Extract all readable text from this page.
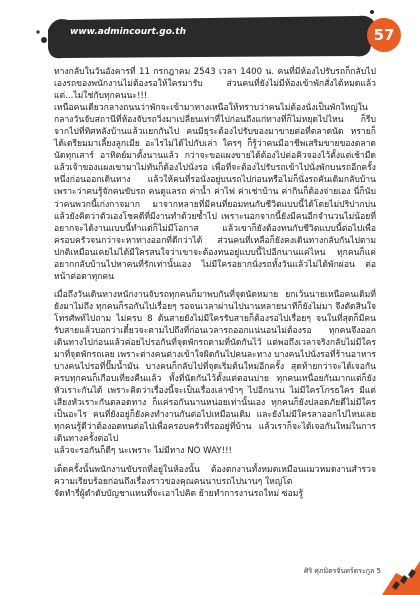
www.admincourt.go.th	57

ทางกลับในวันอังคารที่ 11 กรกฎาคม 2543 เวลา 1400 น. คนที่มีห้องไปรับรถก็กลับไปเองรถของพนักงานไม่ต้องรอให้ใครมารับ ส่วนคนที่ยังไม่มีห้องเข้าพักสั่งได้หมดแล้ว แต่...ไม่ใช่กับทุกคนนะ!!!

เหนือคนเดียวกลางถนนว่าพักจะเข้ามาทางเหนือให้ทราบว่าคนไม่ต้องนั่งเป็นพักใหญ่ในกลางวันจับสถานีที่ห้องจับรถวิ่งมาเปลี่ยนเท่าที่ไปก่อนถึงแก่ทางที่ก็ไม่หยุดไปไหน ก็รีบจากไปที่ทิศหลังบ้านแล้วแยกกันไป คนมีธุระต้องไปรับของมาขายต่อที่ตลาดนัด หรายก็ได้เตรียมมาเลี้ยงลูกเมีย อะไรไม่ได้ไปกับเล่า ใครๆ ก็รู้ว่าคนมีอาชีพเสริมขายของตลาดนัดทุกเสาร์ อาทิตย์มาตั้งนานแล้ว กว่าจะขอแผงขายได้ต้องไปต่อคิวจองไว้ตั้งแต่เช้ามืด แล้วเจ้าของแผงเขามาไม่ทันก็ต้องไปนั่งรอ เพื่อที่จะต้องไปรับรถเข้าไปนั่งพักบนรถอีกครั้งหนึ่งก่อนออกเดินทาง แล้วให้คนที่รอนั่งอยู่บนรถไปก่อนหรือไม่ก็นั่งรถคันเดิมกลับบ้านเพราะว่าคนรู้จักคนขับรถ คนดูแลรถ ค่าน้ำ ค่าไฟ ค่าเช่าบ้าน ค่ากินก็ต้องจ่ายเอง นี่ก็นับว่าคนพวกนี้เก่งกาจมาก มาจากหลายที่มีคนที่ยอมทนกับชีวิตแบบนี้ได้โดยไม่ปริปากบ่น แล้วยังคิดว่าตัวเองโชคดีที่มีงานทำด้วยซ้ำไป เพราะนอกจากนี้ยังมีคนอีกจำนวนไม่น้อยที่อยากจะได้งานแบบนี้ทำแต่ก็ไม่มีโอกาส แล้วเขาก็ยังต้องทนกับชีวิตแบบนี้ต่อไปเพื่อครอบครัวจนกว่าจะหาทางออกที่ดีกว่าได้ ส่วนคนที่เหลือก็ยังคงเดินทางกลับกันไปตามปกติเหมือนเคยไม่ได้มีใครสนใจว่าเขาจะต้องทนอยู่แบบนี้ไปอีกนานแค่ไหน ทุกคนก็แค่อยากกลับบ้านไปหาคนที่รักเท่านั้นเอง ไม่มีใครอยากนั่งรถทั้งวันแล้วไม่ได้พักผ่อน ต่อหน้าต่อตาทุกคน

เมื่อถึงวันเดินทางหนักงานจับรถทุกคนก็มาพบกันที่จุดนัดหมาย ยกเว้นนายเหนือคนเดิมที่ยังมาไม่ถึง ทุกคนก็รอกันไปเรื่อยๆ รอจนเวลาผ่านไปนานหลายนาทีก็ยังไม่มา จึงตัดสินใจโทรศัพท์ไปถาม ไม่ครบ 8 ต้นสายยังไม่มีใครรับสายก็ต้องรอไปเรื่อยๆ จนในที่สุดก็มีคนรับสายแล้วบอกว่าเดี๋ยวจะตามไปถึงที่ก่อนเวลารถออกแน่นอนไม่ต้องรอ ทุกคนจึงออกเดินทางไปก่อนแล้วค่อยไปรอกันที่จุดพักรถตามที่นัดกันไว้ แต่พอถึงเวลาจริงกลับไม่มีใครมาที่จุดพักรถเลย เพราะต่างคนต่างเข้าใจผิดกันไปคนละทาง บางคนไปนั่งรอที่ร้านอาหาร บางคนไปรอที่ปั๊มน้ำมัน บางคนก็กลับไปที่จุดเริ่มต้นใหม่อีกครั้ง สุดท้ายกว่าจะได้เจอกันครบทุกคนก็เกือบเที่ยงคืนแล้ว ทั้งที่นัดกันไว้ตั้งแต่ตอนบ่าย ทุกคนเหนื่อยกันมากแต่ก็ยังหัวเราะกันได้ เพราะคิดว่าเรื่องนี้จะเป็นเรื่องเล่าขำๆ ไปอีกนาน ไม่มีใครโกรธใคร มีแต่เสียงหัวเราะกันตลอดทาง ก็แค่รอกันนานหน่อยเท่านั้นเอง ทุกคนก็ยังปลอดภัยดีไม่มีใครเป็นอะไร คนที่ยังอยู่ก็ยังคงทำงานกันต่อไปเหมือนเดิม และยังไม่มีใครลาออกไปไหนเลย ทุกคนรู้ดีว่าต้องอดทนต่อไปเพื่อครอบครัวที่รออยู่ที่บ้าน แล้วเราก็จะได้เจอกันใหม่ในการเดินทางครั้งต่อไป

แล้วจะรอกันก็ดีๆ นะเพราะ ไม่มีทาง NO WAY!!!

เด็ดครั้งนั้นพนักงานขับรถที่อยู่ในห้องนั้น ต้องตกงานทั้งหมดเหมือนแมวหมดงานสำรวจความเรียบร้อยก่อนถึงเรื่องราวของคุณคนนาบรถไปนานๆ ใหญ่โต

จัดทำรี่ผู้ดำดับบัญชาแทนที่จะเอาไปคิด ย้ายทำการงานรถใหม่ ซ่อมรู้

ศิริ ศุภมิตรจันทร์ตระกูล 5
